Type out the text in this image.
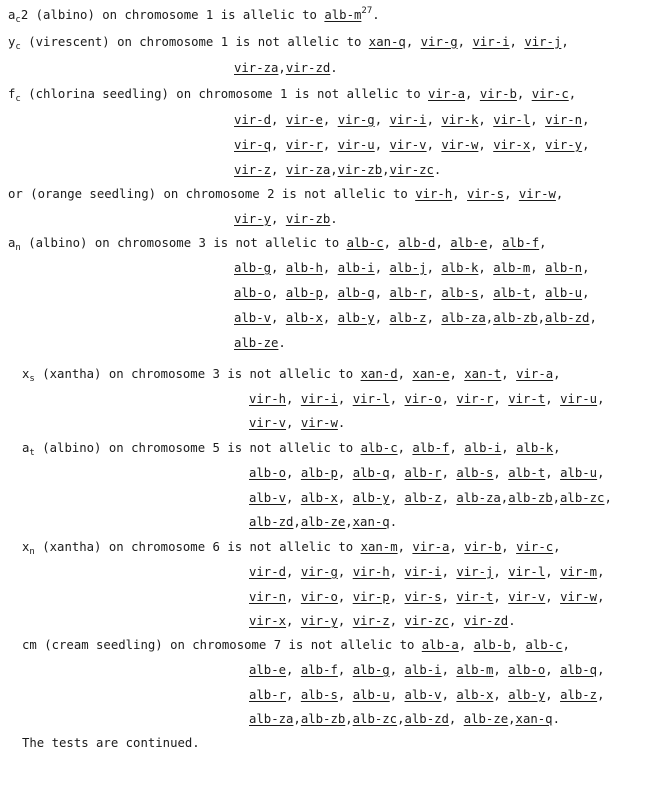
$a_c2$ (albino) on chromosome 1 is allelic to alb-$m^{27}$.
$y_c$ (virescent) on chromosome 1 is not allelic to xan-q, vir-g, vir-i, vir-j,
vir-za,vir-zd.
$f_c$ (chlorina seedling) on chromosome 1 is not allelic to vir-a, vir-b, vir-c,
vir-d, vir-e, vir-g, vir-i, vir-k, vir-l, vir-n,
vir-q, vir-r, vir-u, vir-v, vir-w, vir-x, vir-y,
vir-z, vir-za,vir-zb,vir-zc.
or (orange seedling) on chromosome 2 is not allelic to vir-h, vir-s, vir-w,
vir-y, vir-zb.
$a_n$ (albino) on chromosome 3 is not allelic to alb-c, alb-d, alb-e, alb-f,
alb-g, alb-h, alb-i, alb-j, alb-k, alb-m, alb-n,
alb-o, alb-p, alb-q, alb-r, alb-s, alb-t, alb-u,
alb-v, alb-x, alb-y, alb-z, alb-za,alb-zb,alb-zd,
alb-ze.
$x_s$ (xantha) on chromosome 3 is not allelic to xan-d, xan-e, xan-t, vir-a,
vir-h, vir-i, vir-l, vir-o, vir-r, vir-t, vir-u,
vir-v, vir-w.
$a_t$ (albino) on chromosome 5 is not allelic to alb-c, alb-f, alb-i, alb-k,
alb-o, alb-p, alb-q, alb-r, alb-s, alb-t, alb-u,
alb-v, alb-x, alb-y, alb-z, alb-za,alb-zb,alb-zc,
alb-zd,alb-ze,xan-q.
$x_n$ (xantha) on chromosome 6 is not allelic to xan-m, vir-a, vir-b, vir-c,
vir-d, vir-g, vir-h, vir-i, vir-j, vir-l, vir-m,
vir-n, vir-o, vir-p, vir-s, vir-t, vir-v, vir-w,
vir-x, vir-y, vir-z, vir-zc, vir-zd.
cm (cream seedling) on chromosome 7 is not allelic to alb-a, alb-b, alb-c,
alb-e, alb-f, alb-g, alb-i, alb-m, alb-o, alb-q,
alb-r, alb-s, alb-u, alb-v, alb-x, alb-y, alb-z,
alb-za,alb-zb,alb-zc,alb-zd, alb-ze,xan-q.
The tests are continued.
